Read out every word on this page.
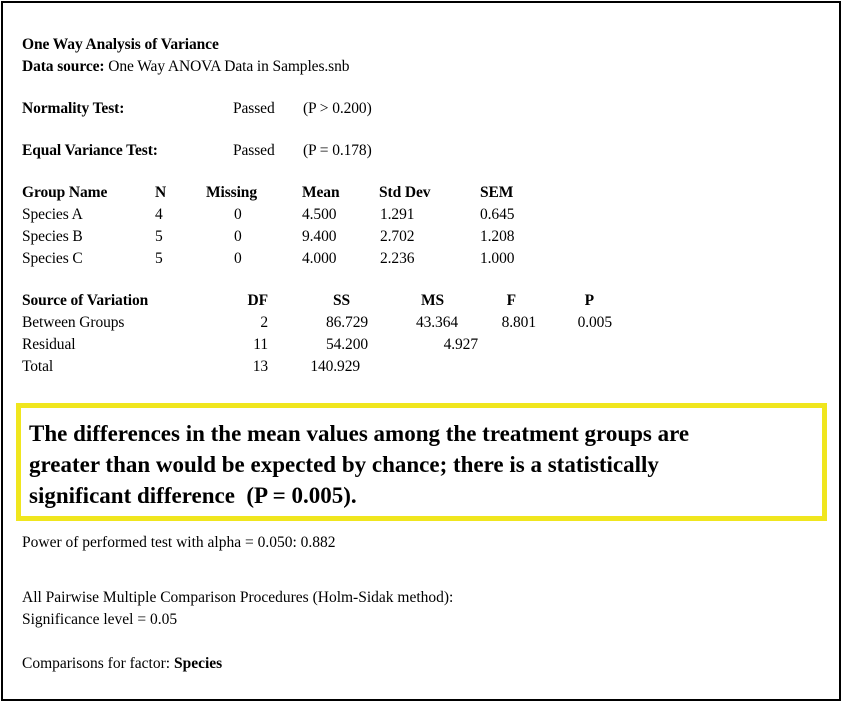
One Way Analysis of Variance
Data source: One Way ANOVA Data in Samples.snb
Normality Test:	Passed (P > 0.200)
Equal Variance Test:	Passed (P = 0.178)
Group Name	N	Missing	Mean	Std Dev	SEM
Species A	4	0	4.500	1.291	0.645
Species B	5	0	9.400	2.702	1.208
Species C	5	0	4.000	2.236	1.000
Source of Variation	DF	SS	MS	F	P
Between Groups	2	86.729	43.364	8.801	0.005
Residual	11	54.200	4.927
Total	13	140.929
The differences in the mean values among the treatment groups are
greater than would be expected by chance; there is a statistically
significant difference  (P = 0.005).
Power of performed test with alpha = 0.050: 0.882
All Pairwise Multiple Comparison Procedures (Holm-Sidak method):
Significance level = 0.05
Comparisons for factor: Species
